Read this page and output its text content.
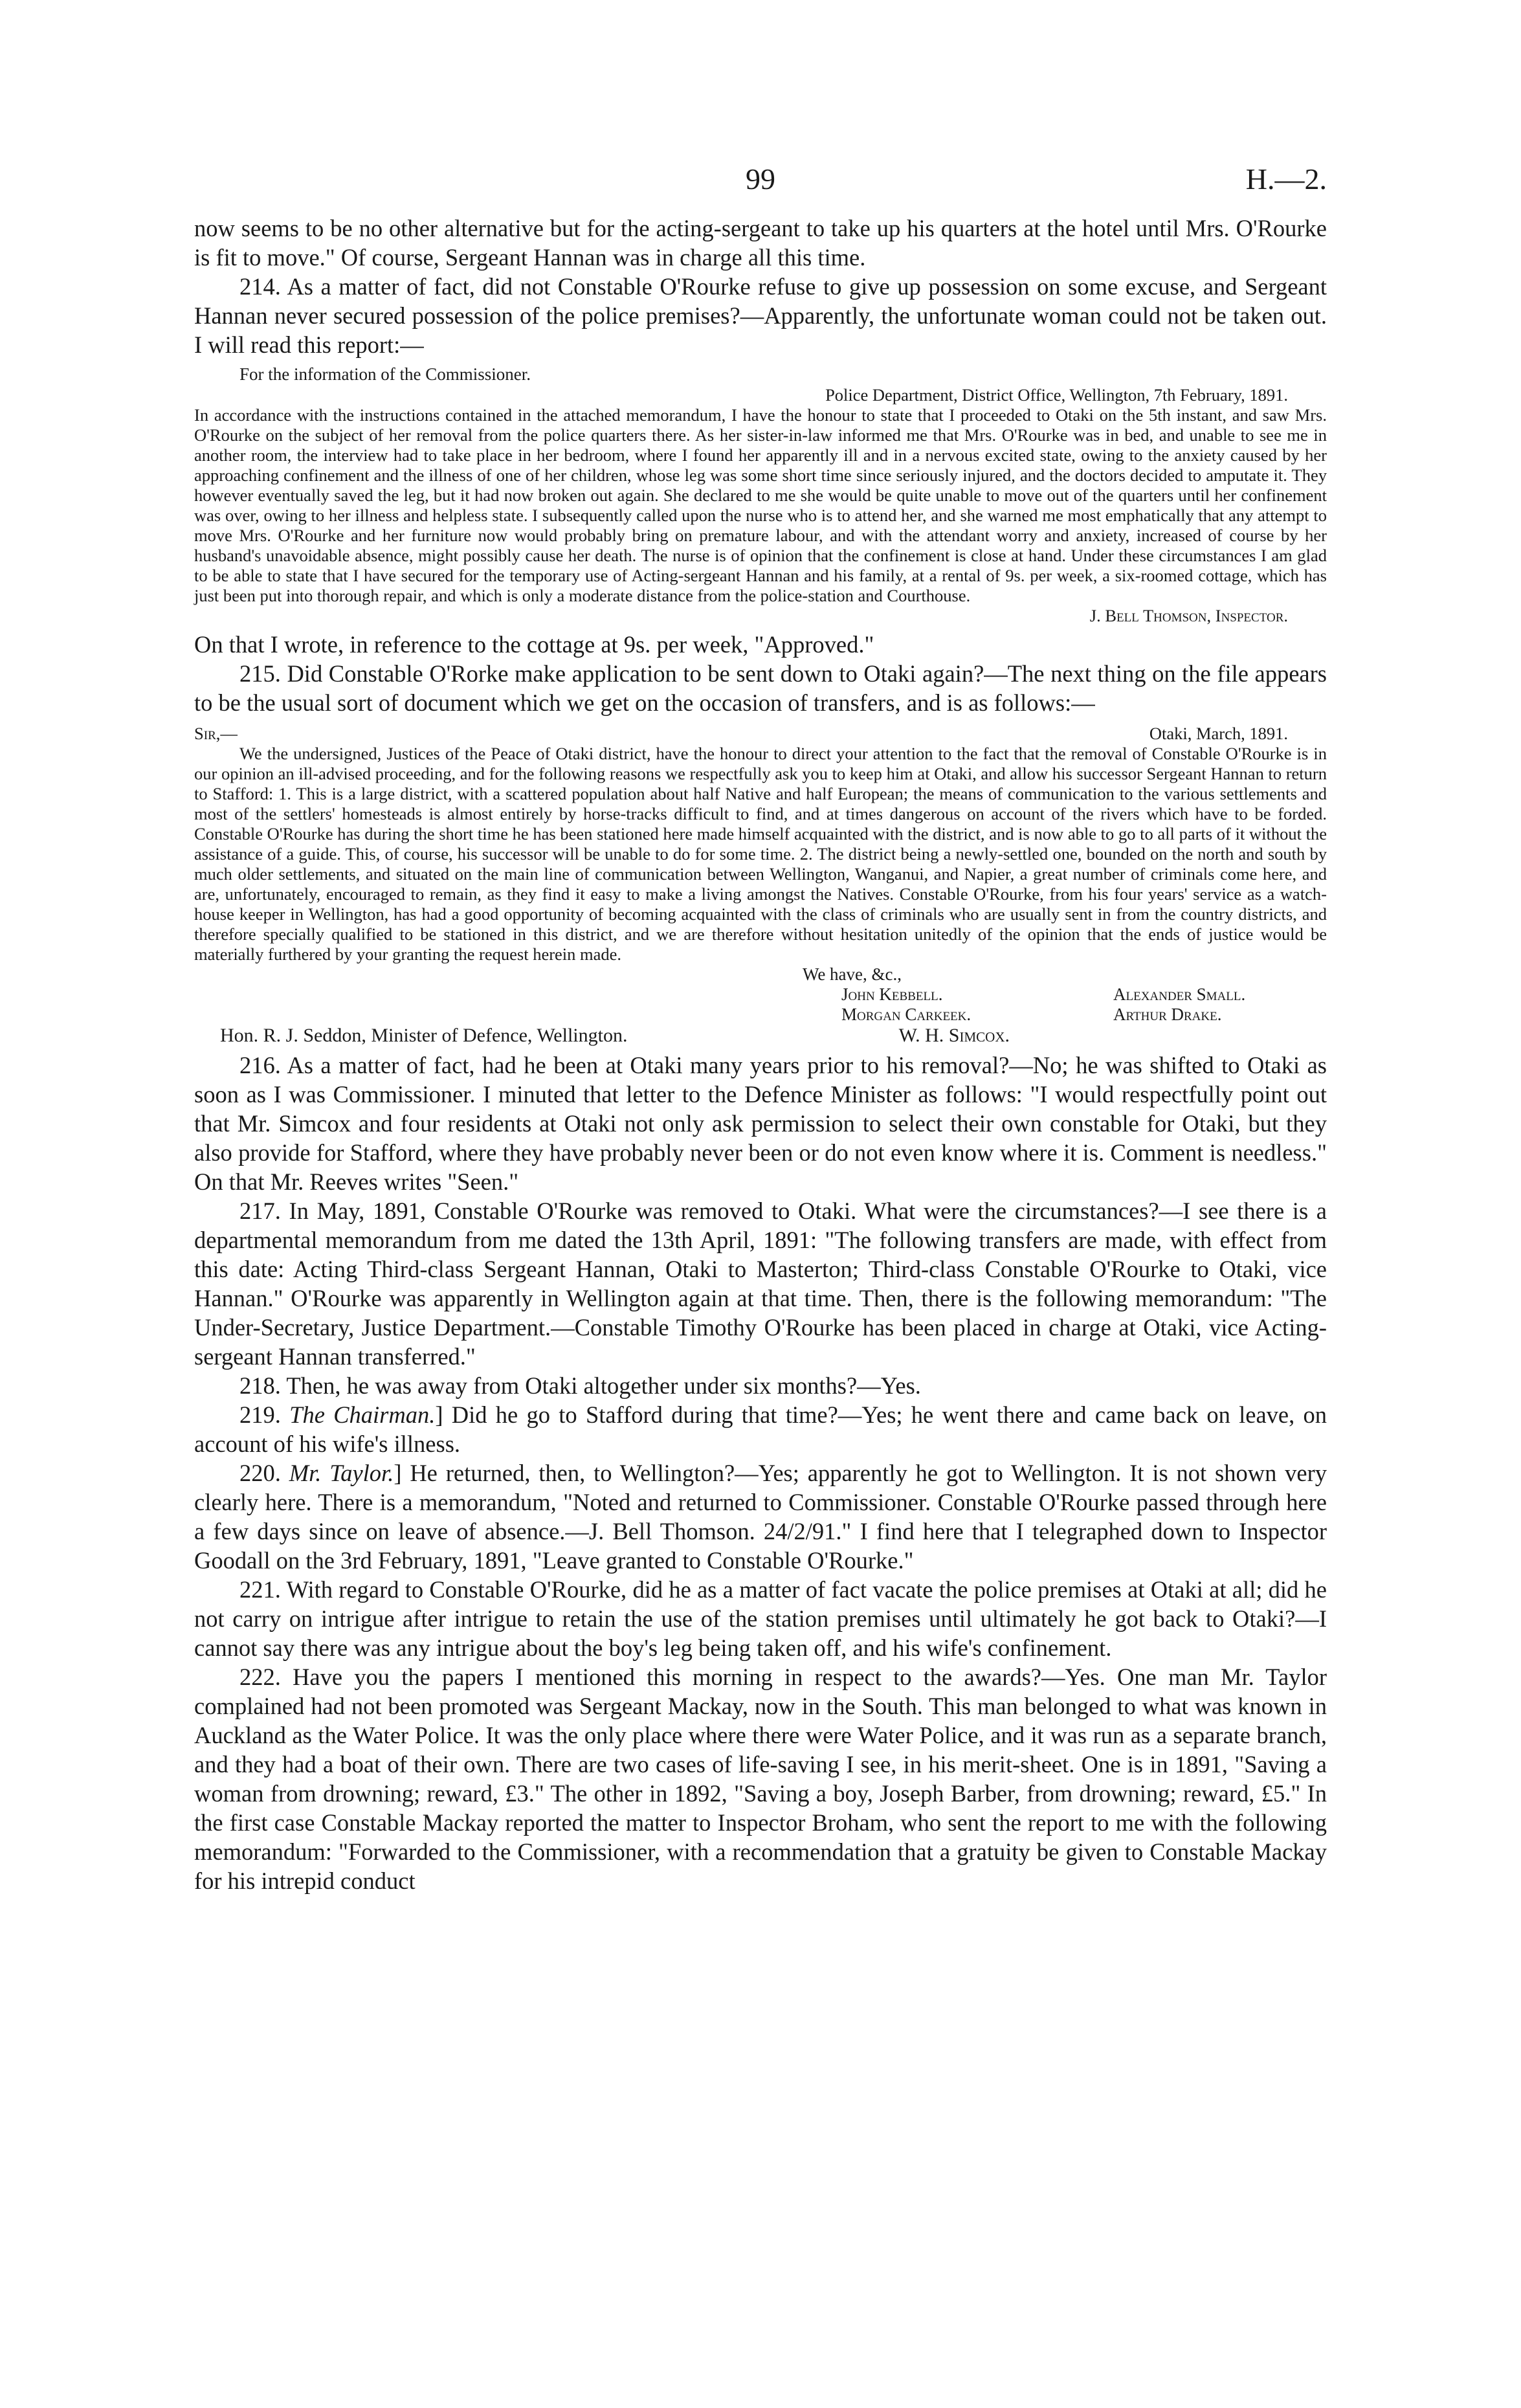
99	H.—2.

now seems to be no other alternative but for the acting-sergeant to take up his quarters at the hotel until Mrs. O'Rourke is fit to move." Of course, Sergeant Hannan was in charge all this time.

214. As a matter of fact, did not Constable O'Rourke refuse to give up possession on some excuse, and Sergeant Hannan never secured possession of the police premises?—Apparently, the unfortunate woman could not be taken out. I will read this report:—

For the information of the Commissioner.

Police Department, District Office, Wellington, 7th February, 1891.

In accordance with the instructions contained in the attached memorandum, I have the honour to state that I proceeded to Otaki on the 5th instant, and saw Mrs. O'Rourke on the subject of her removal from the police quarters there. As her sister-in-law informed me that Mrs. O'Rourke was in bed, and unable to see me in another room, the interview had to take place in her bedroom, where I found her apparently ill and in a nervous excited state, owing to the anxiety caused by her approaching confinement and the illness of one of her children, whose leg was some short time since seriously injured, and the doctors decided to amputate it. They however eventually saved the leg, but it had now broken out again. She declared to me she would be quite unable to move out of the quarters until her confinement was over, owing to her illness and helpless state. I subsequently called upon the nurse who is to attend her, and she warned me most emphatically that any attempt to move Mrs. O'Rourke and her furniture now would probably bring on premature labour, and with the attendant worry and anxiety, increased of course by her husband's unavoidable absence, might possibly cause her death. The nurse is of opinion that the confinement is close at hand. Under these circumstances I am glad to be able to state that I have secured for the temporary use of Acting-sergeant Hannan and his family, at a rental of 9s. per week, a six-roomed cottage, which has just been put into thorough repair, and which is only a moderate distance from the police-station and Courthouse.

J. Bell Thomson, Inspector.

On that I wrote, in reference to the cottage at 9s. per week, "Approved."

215. Did Constable O'Rorke make application to be sent down to Otaki again?—The next thing on the file appears to be the usual sort of document which we get on the occasion of transfers, and is as follows:—

Sir,—	Otaki, March, 1891.

We the undersigned, Justices of the Peace of Otaki district, have the honour to direct your attention to the fact that the removal of Constable O'Rourke is in our opinion an ill-advised proceeding, and for the following reasons we respectfully ask you to keep him at Otaki, and allow his successor Sergeant Hannan to return to Stafford: 1. This is a large district, with a scattered population about half Native and half European; the means of communication to the various settlements and most of the settlers' homesteads is almost entirely by horse-tracks difficult to find, and at times dangerous on account of the rivers which have to be forded. Constable O'Rourke has during the short time he has been stationed here made himself acquainted with the district, and is now able to go to all parts of it without the assistance of a guide. This, of course, his successor will be unable to do for some time. 2. The district being a newly-settled one, bounded on the north and south by much older settlements, and situated on the main line of communication between Wellington, Wanganui, and Napier, a great number of criminals come here, and are, unfortunately, encouraged to remain, as they find it easy to make a living amongst the Natives. Constable O'Rourke, from his four years' service as a watch-house keeper in Wellington, has had a good opportunity of becoming acquainted with the class of criminals who are usually sent in from the country districts, and therefore specially qualified to be stationed in this district, and we are therefore without hesitation unitedly of the opinion that the ends of justice would be materially furthered by your granting the request herein made.

We have, &c.,
John Kebbell.	Alexander Small.
Morgan Carkeek.	Arthur Drake.
Hon. R. J. Seddon, Minister of Defence, Wellington.	W. H. Simcox.

216. As a matter of fact, had he been at Otaki many years prior to his removal?—No; he was shifted to Otaki as soon as I was Commissioner. I minuted that letter to the Defence Minister as follows: "I would respectfully point out that Mr. Simcox and four residents at Otaki not only ask permission to select their own constable for Otaki, but they also provide for Stafford, where they have probably never been or do not even know where it is. Comment is needless." On that Mr. Reeves writes "Seen."

217. In May, 1891, Constable O'Rourke was removed to Otaki. What were the circumstances?—I see there is a departmental memorandum from me dated the 13th April, 1891: "The following transfers are made, with effect from this date: Acting Third-class Sergeant Hannan, Otaki to Masterton; Third-class Constable O'Rourke to Otaki, vice Hannan." O'Rourke was apparently in Wellington again at that time. Then, there is the following memorandum: "The Under-Secretary, Justice Department.—Constable Timothy O'Rourke has been placed in charge at Otaki, vice Acting-sergeant Hannan transferred."

218. Then, he was away from Otaki altogether under six months?—Yes.

219. The Chairman.] Did he go to Stafford during that time?—Yes; he went there and came back on leave, on account of his wife's illness.

220. Mr. Taylor.] He returned, then, to Wellington?—Yes; apparently he got to Wellington. It is not shown very clearly here. There is a memorandum, "Noted and returned to Commissioner. Constable O'Rourke passed through here a few days since on leave of absence.—J. Bell Thomson. 24/2/91." I find here that I telegraphed down to Inspector Goodall on the 3rd February, 1891, "Leave granted to Constable O'Rourke."

221. With regard to Constable O'Rourke, did he as a matter of fact vacate the police premises at Otaki at all; did he not carry on intrigue after intrigue to retain the use of the station premises until ultimately he got back to Otaki?—I cannot say there was any intrigue about the boy's leg being taken off, and his wife's confinement.

222. Have you the papers I mentioned this morning in respect to the awards?—Yes. One man Mr. Taylor complained had not been promoted was Sergeant Mackay, now in the South. This man belonged to what was known in Auckland as the Water Police. It was the only place where there were Water Police, and it was run as a separate branch, and they had a boat of their own. There are two cases of life-saving I see, in his merit-sheet. One is in 1891, "Saving a woman from drowning; reward, £3." The other in 1892, "Saving a boy, Joseph Barber, from drowning; reward, £5." In the first case Constable Mackay reported the matter to Inspector Broham, who sent the report to me with the following memorandum: "Forwarded to the Commissioner, with a recommendation that a gratuity be given to Constable Mackay for his intrepid conduct
